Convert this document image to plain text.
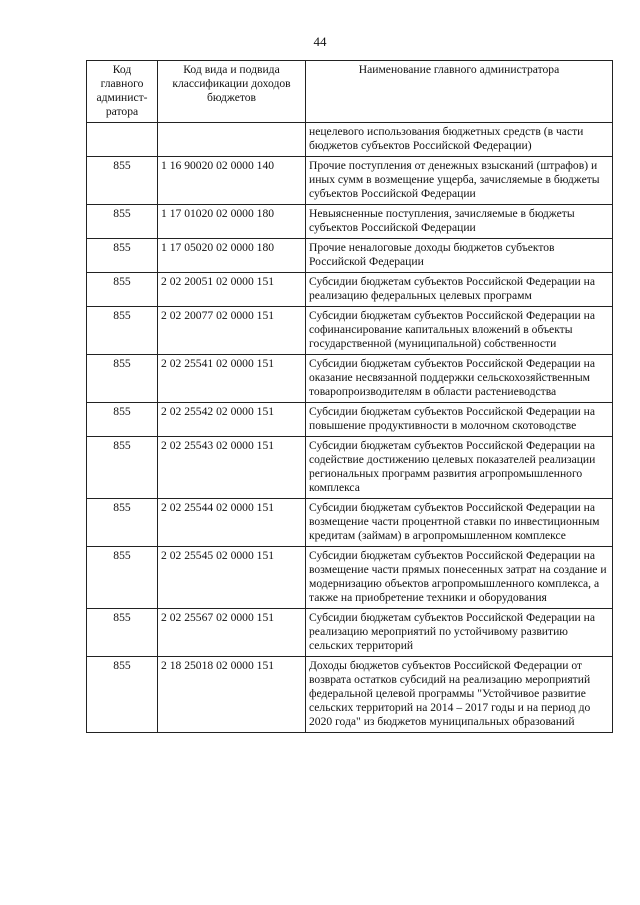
44
Код главного админист-ратора	Код вида и подвида классификации доходов бюджетов	Наименование главного администратора
		нецелевого использования бюджетных средств (в части бюджетов субъектов Российской Федерации)
855	1 16 90020 02 0000 140	Прочие поступления от денежных взысканий (штрафов) и иных сумм в возмещение ущерба, зачисляемые в бюджеты субъектов Российской Федерации
855	1 17 01020 02 0000 180	Невыясненные поступления, зачисляемые в бюджеты субъектов Российской Федерации
855	1 17 05020 02 0000 180	Прочие неналоговые доходы бюджетов субъектов Российской Федерации
855	2 02 20051 02 0000 151	Субсидии бюджетам субъектов Российской Федерации на реализацию федеральных целевых программ
855	2 02 20077 02 0000 151	Субсидии бюджетам субъектов Российской Федерации на софинансирование капитальных вложений в объекты государственной (муниципальной) собственности
855	2 02 25541 02 0000 151	Субсидии бюджетам субъектов Российской Федерации на оказание несвязанной поддержки сельскохозяйственным товаропроизводителям в области растениеводства
855	2 02 25542 02 0000 151	Субсидии бюджетам субъектов Российской Федерации на повышение продуктивности в молочном скотоводстве
855	2 02 25543 02 0000 151	Субсидии бюджетам субъектов Российской Федерации на содействие достижению целевых показателей реализации региональных программ развития агропромышленного комплекса
855	2 02 25544 02 0000 151	Субсидии бюджетам субъектов Российской Федерации на возмещение части процентной ставки по инвестиционным кредитам (займам) в агропромышленном комплексе
855	2 02 25545 02 0000 151	Субсидии бюджетам субъектов Российской Федерации на возмещение части прямых понесенных затрат на создание и модернизацию объектов агропромышленного комплекса, а также на приобретение техники и оборудования
855	2 02 25567 02 0000 151	Субсидии бюджетам субъектов Российской Федерации на реализацию мероприятий по устойчивому развитию сельских территорий
855	2 18 25018 02 0000 151	Доходы бюджетов субъектов Российской Федерации от возврата остатков субсидий на реализацию мероприятий федеральной целевой программы "Устойчивое развитие сельских территорий на 2014 – 2017 годы и на период до 2020 года" из бюджетов муниципальных образований
